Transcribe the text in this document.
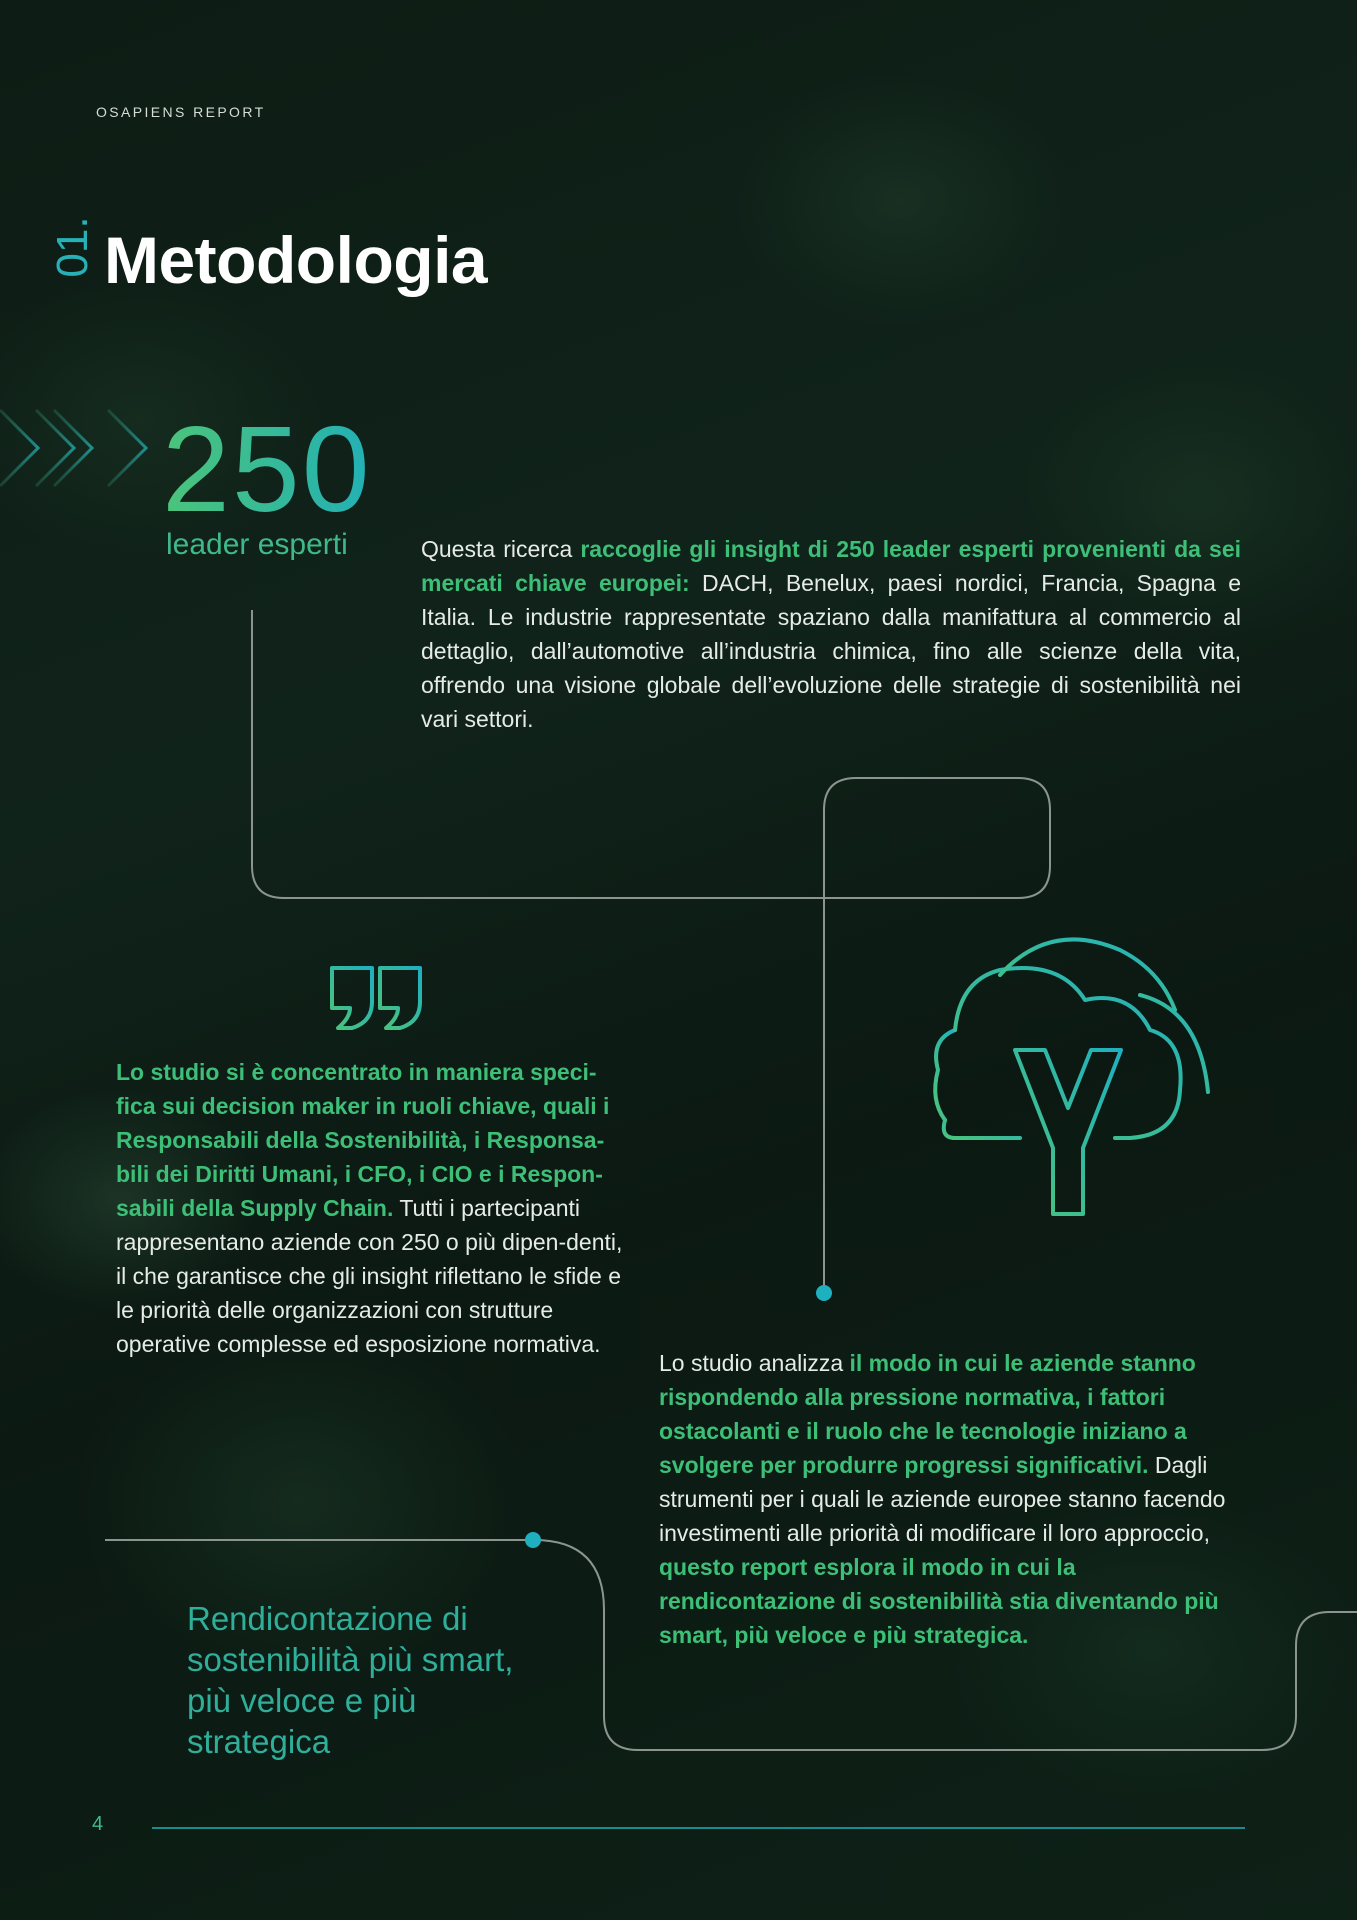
OSAPIENS REPORT
01. Metodologia
250
leader esperti	Questa ricerca raccoglie gli insight di 250 leader esperti provenienti da sei mercati chiave europei: DACH, Benelux, paesi nordici, Francia, Spagna e Italia. Le industrie rappresentate spaziano dalla manifattura al commercio al dettaglio, dall’automotive all’industria chimica, fino alle scienze della vita, offrendo una visione globale dell’evoluzione delle strategie di sostenibilità nei vari settori.
Lo studio si è concentrato in maniera speci-fica sui decision maker in ruoli chiave, quali i Responsabili della Sostenibilità, i Responsa-bili dei Diritti Umani, i CFO, i CIO e i Respon-sabili della Supply Chain. Tutti i partecipanti rappresentano aziende con 250 o più dipen-denti, il che garantisce che gli insight riflettano le sfide e le priorità delle organizzazioni con strutture operative complesse ed esposizione normativa.
Lo studio analizza il modo in cui le aziende stanno rispondendo alla pressione normativa, i fattori ostacolanti e il ruolo che le tecnologie iniziano a svolgere per produrre progressi significativi. Dagli strumenti per i quali le aziende europee stanno facendo investimenti alle priorità di modificare il loro approccio, questo report esplora il modo in cui la rendicontazione di sostenibilità stia diventando più smart, più veloce e più strategica.
Rendicontazione di sostenibilità più smart, più veloce e più strategica
4
